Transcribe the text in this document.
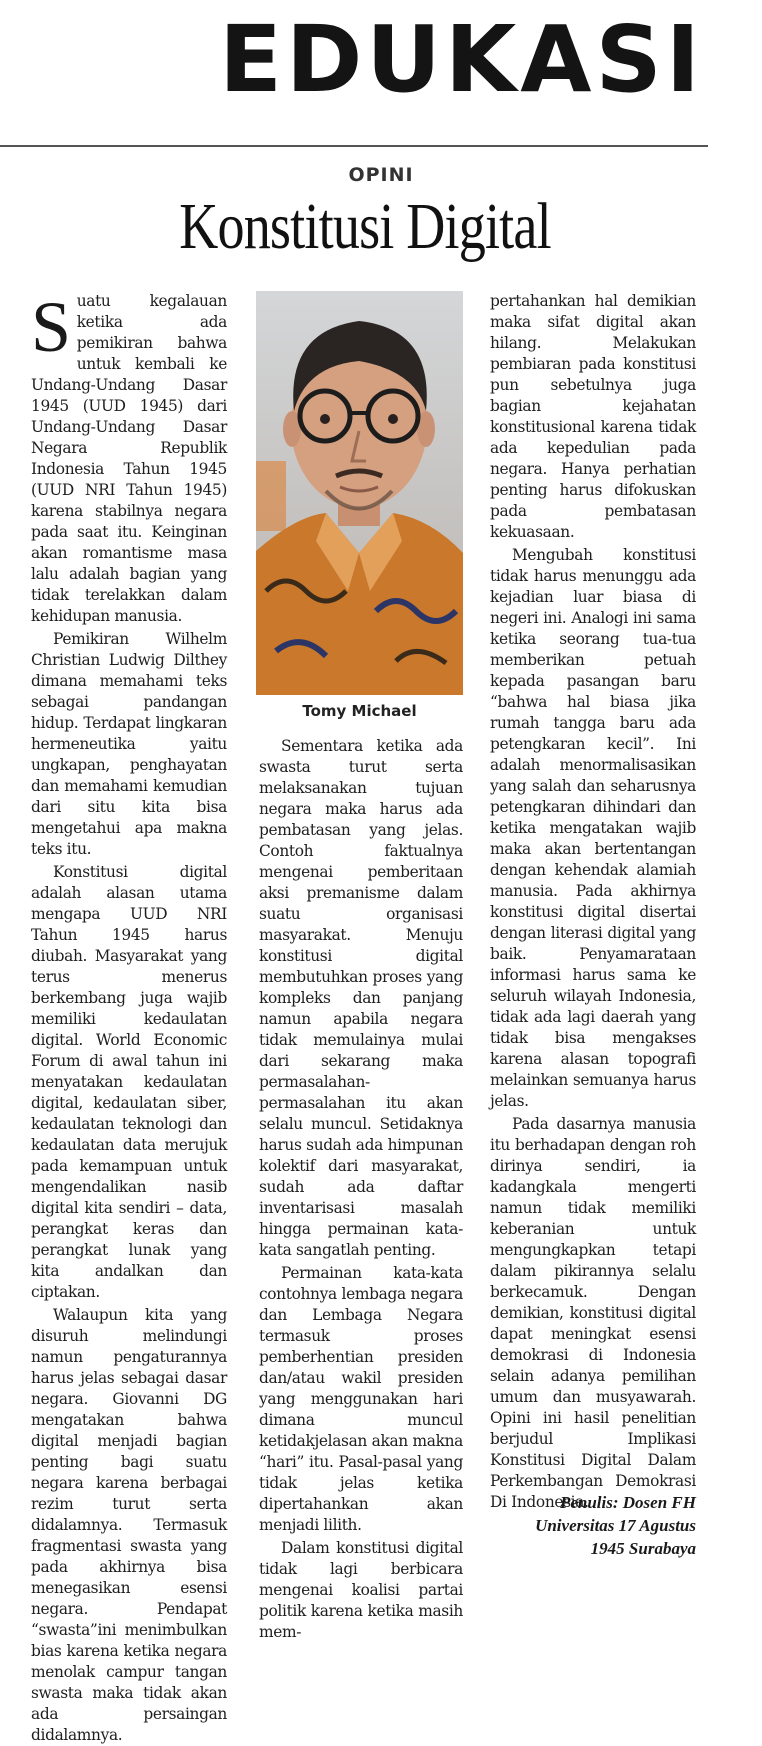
EDUKASI
OPINI
Konstitusi Digital

Suatu kegalauan ketika ada pemikiran bahwa untuk kembali ke Undang-Undang Dasar 1945 (UUD 1945) dari Undang-Undang Dasar Negara Republik Indonesia Tahun 1945 (UUD NRI Tahun 1945) karena stabilnya negara pada saat itu. Keinginan akan romantisme masa lalu adalah bagian yang tidak terelakkan dalam kehidupan manusia.

Pemikiran Wilhelm Christian Ludwig Dilthey dimana memahami teks sebagai pandangan hidup. Terdapat lingkaran hermeneutika yaitu ungkapan, penghayatan dan memahami kemudian dari situ kita bisa mengetahui apa makna teks itu.

Konstitusi digital adalah alasan utama mengapa UUD NRI Tahun 1945 harus diubah. Masyarakat yang terus menerus berkembang juga wajib memiliki kedaulatan digital. World Economic Forum di awal tahun ini menyatakan kedaulatan digital, kedaulatan siber, kedaulatan teknologi dan kedaulatan data merujuk pada kemampuan untuk mengendalikan nasib digital kita sendiri – data, perangkat keras dan perangkat lunak yang kita andalkan dan ciptakan.

Walaupun kita yang disuruh melindungi namun pengaturannya harus jelas sebagai dasar negara. Giovanni DG mengatakan bahwa digital menjadi bagian penting bagi suatu negara karena berbagai rezim turut serta didalamnya. Termasuk fragmentasi swasta yang pada akhirnya bisa menegasikan esensi negara. Pendapat “swasta”ini menimbulkan bias karena ketika negara menolak campur tangan swasta maka tidak akan ada persaingan didalamnya.

Tomy Michael

Sementara ketika ada swasta turut serta melaksanakan tujuan negara maka harus ada pembatasan yang jelas. Contoh faktualnya mengenai pemberitaan aksi premanisme dalam suatu organisasi masyarakat. Menuju konstitusi digital membutuhkan proses yang kompleks dan panjang namun apabila negara tidak memulainya mulai dari sekarang maka permasalahan-permasalahan itu akan selalu muncul. Setidaknya harus sudah ada himpunan kolektif dari masyarakat, sudah ada daftar inventarisasi masalah hingga permainan kata-kata sangatlah penting.

Permainan kata-kata contohnya lembaga negara dan Lembaga Negara termasuk proses pemberhentian presiden dan/atau wakil presiden yang menggunakan hari dimana muncul ketidakjelasan akan makna “hari” itu. Pasal-pasal yang tidak jelas ketika dipertahankan akan menjadi lilith.

Dalam konstitusi digital tidak lagi berbicara mengenai koalisi partai politik karena ketika masih mem-

pertahankan hal demikian maka sifat digital akan hilang. Melakukan pembiaran pada konstitusi pun sebetulnya juga bagian kejahatan konstitusional karena tidak ada kepedulian pada negara. Hanya perhatian penting harus difokuskan pada pembatasan kekuasaan.

Mengubah konstitusi tidak harus menunggu ada kejadian luar biasa di negeri ini. Analogi ini sama ketika seorang tua-tua memberikan petuah kepada pasangan baru “bahwa hal biasa jika rumah tangga baru ada petengkaran kecil”. Ini adalah menormalisasikan yang salah dan seharusnya petengkaran dihindari dan ketika mengatakan wajib maka akan bertentangan dengan kehendak alamiah manusia. Pada akhirnya konstitusi digital disertai dengan literasi digital yang baik. Penyamarataan informasi harus sama ke seluruh wilayah Indonesia, tidak ada lagi daerah yang tidak bisa mengakses karena alasan topografi melainkan semuanya harus jelas.

Pada dasarnya manusia itu berhadapan dengan roh dirinya sendiri, ia kadangkala mengerti namun tidak memiliki keberanian untuk mengungkapkan tetapi dalam pikirannya selalu berkecamuk. Dengan demikian, konstitusi digital dapat meningkat esensi demokrasi di Indonesia selain adanya pemilihan umum dan musyawarah. Opini ini hasil penelitian berjudul Implikasi Konstitusi Digital Dalam Perkembangan Demokrasi Di Indonesia.

Penulis: Dosen FH
Universitas 17 Agustus
1945 Surabaya
